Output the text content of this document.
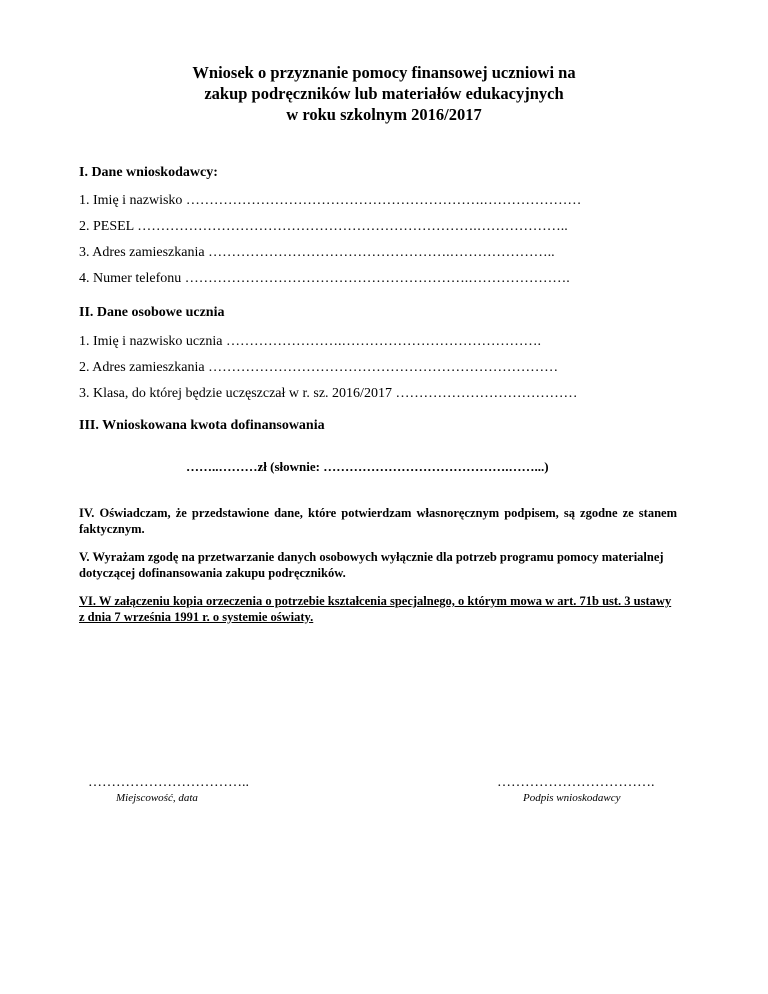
Wniosek o przyznanie pomocy finansowej uczniowi na
zakup podręczników lub materiałów edukacyjnych
w roku szkolnym 2016/2017
I. Dane wnioskodawcy:
1. Imię i nazwisko ……………………………………………………….…………………
2. PESEL ……………………………………………………………….………………..
3. Adres zamieszkania …………………………………………….…………………..
4. Numer telefonu …………………………………………………….………………….
II. Dane osobowe ucznia
1. Imię i nazwisko ucznia …………………….…………………………………….
2. Adres zamieszkania …………………………………………………………………
3. Klasa, do której będzie uczęszczał w r. sz. 2016/2017 …………………………………
III. Wnioskowana kwota dofinansowania
……..………zł (słownie: …………………………………….……...)
IV. Oświadczam, że przedstawione dane, które potwierdzam własnoręcznym podpisem, są zgodne ze stanem faktycznym.
V. Wyrażam zgodę na przetwarzanie danych osobowych wyłącznie dla potrzeb programu pomocy materialnej dotyczącej dofinansowania zakupu podręczników.
VI. W załączeniu kopia orzeczenia o potrzebie kształcenia specjalnego, o którym mowa w art. 71b ust. 3 ustawy z dnia 7 września 1991 r. o systemie oświaty.
……………………………..
Miejscowość, data
…………………………….
Podpis wnioskodawcy
